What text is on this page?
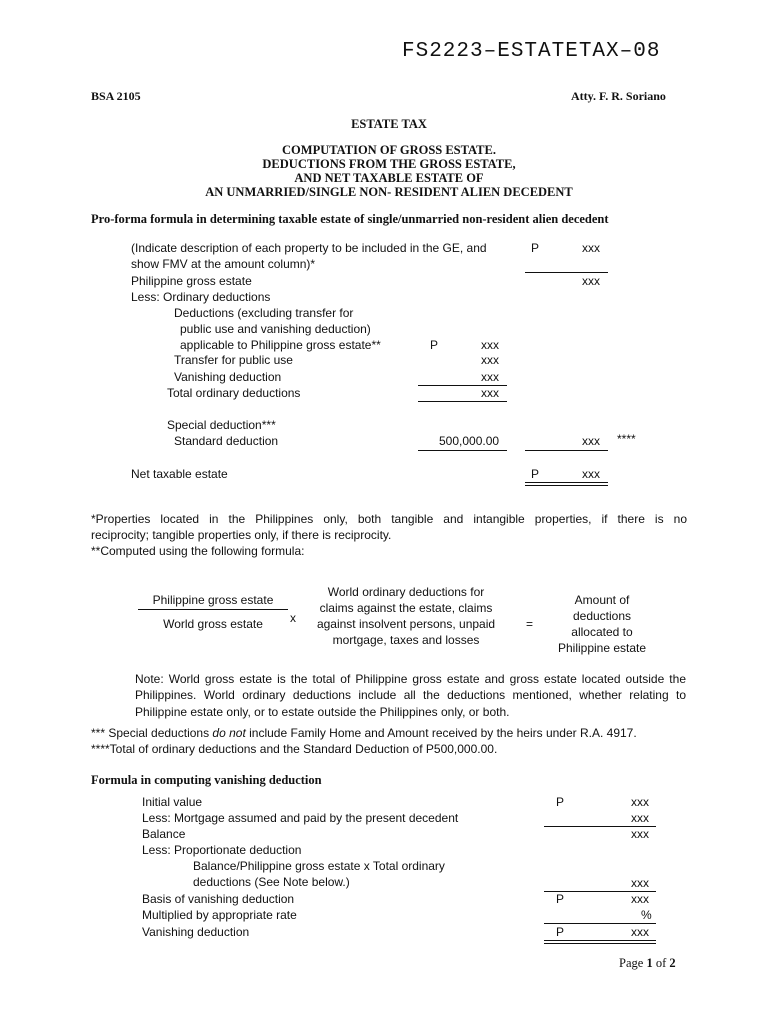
FS2223–ESTATETAX–08
BSA 2105	Atty. F. R. Soriano
ESTATE TAX
COMPUTATION OF GROSS ESTATE.
DEDUCTIONS FROM THE GROSS ESTATE,
AND NET TAXABLE ESTATE OF
AN UNMARRIED/SINGLE NON- RESIDENT ALIEN DECEDENT
Pro-forma formula in determining taxable estate of single/unmarried non-resident alien decedent
(Indicate description of each property to be included in the GE, and
show FMV at the amount column)*
P	xxx
Philippine gross estate	xxx
Less: Ordinary deductions
Deductions (excluding transfer for
public use and vanishing deduction)
applicable to Philippine gross estate**	P	xxx
Transfer for public use	xxx
Vanishing deduction	xxx
Total ordinary deductions	xxx
Special deduction***
Standard deduction	500,000.00	xxx ****
Net taxable estate	P	xxx
*Properties located in the Philippines only, both tangible and intangible properties, if there is no
reciprocity; tangible properties only, if there is reciprocity.
**Computed using the following formula:
Philippine gross estate
World gross estate	x
World ordinary deductions for
claims against the estate, claims
against insolvent persons, unpaid
mortgage, taxes and losses
=
Amount of
deductions
allocated to
Philippine estate
Note: World gross estate is the total of Philippine gross estate and gross estate located outside the
Philippines. World ordinary deductions include all the deductions mentioned, whether relating to
Philippine estate only, or to estate outside the Philippines only, or both.
*** Special deductions do not include Family Home and Amount received by the heirs under R.A. 4917.
****Total of ordinary deductions and the Standard Deduction of P500,000.00.
Formula in computing vanishing deduction
Initial value	P	xxx
Less: Mortgage assumed and paid by the present decedent	xxx
Balance	xxx
Less: Proportionate deduction
Balance/Philippine gross estate x Total ordinary
deductions (See Note below.)	xxx
Basis of vanishing deduction	P	xxx
Multiplied by appropriate rate	%
Vanishing deduction	P	xxx
Page 1 of 2
